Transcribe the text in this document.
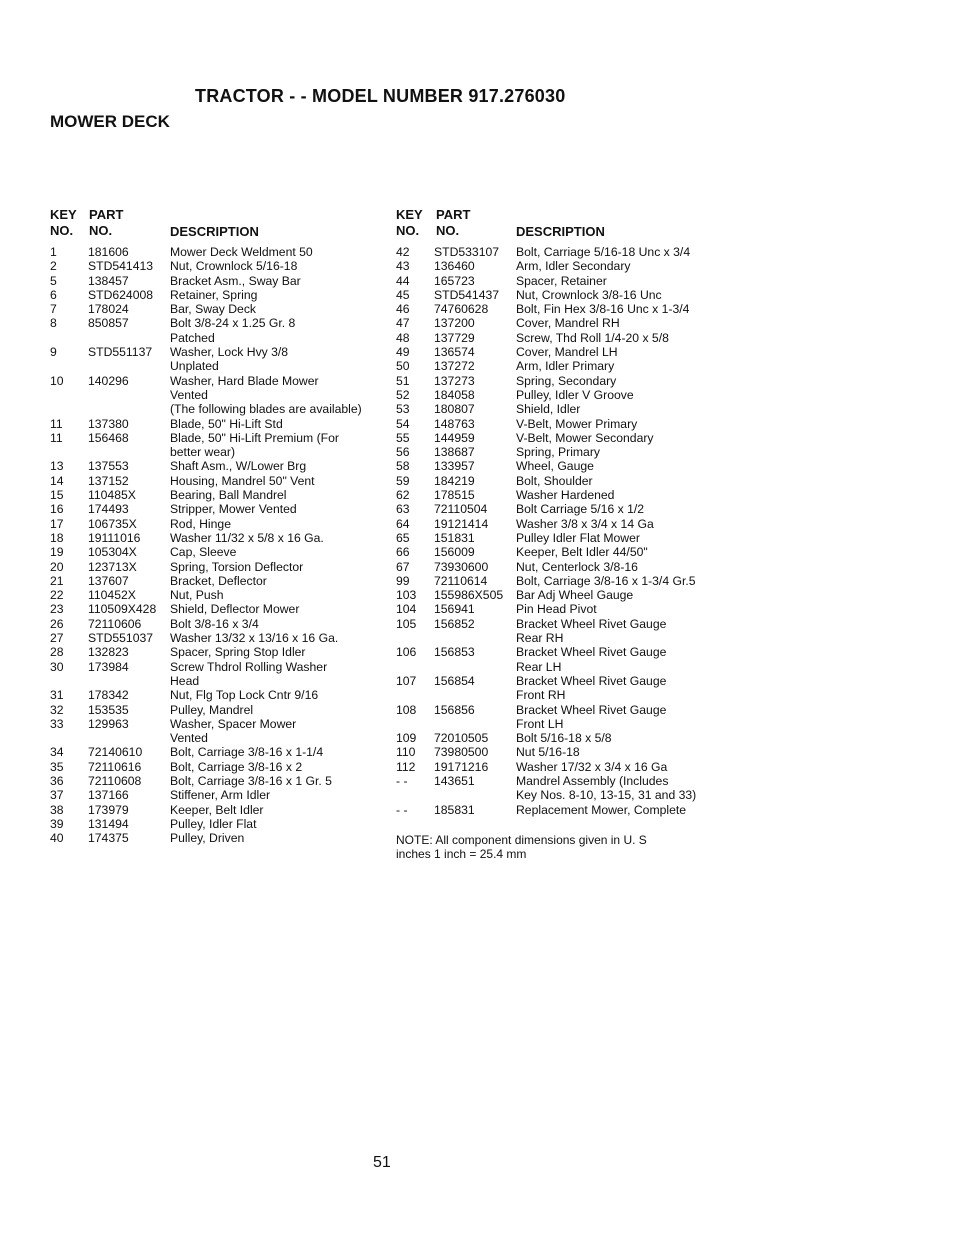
TRACTOR - - MODEL NUMBER 917.276030
MOWER DECK
KEY
NO.
PART
NO.	DESCRIPTION
1	181606	Mower Deck Weldment 50
2	STD541413 Nut, Crownlock 5/16-18
5	138457	Bracket Asm., Sway Bar
6	STD624008 Retainer, Spring
7	178024	Bar, Sway Deck
8	850857	Bolt 3/8-24 x 1.25 Gr. 8
Patched
9	STD551137 Washer, Lock Hvy 3/8
Unplated
10 140296	Washer, Hard Blade Mower
Vented
(The following blades are available)
11 137380	Blade, 50" Hi-Lift Std
11 156468	Blade, 50" Hi-Lift Premium (For
better wear)
13 137553	Shaft Asm., W/Lower Brg
14 137152	Housing, Mandrel 50" Vent
15 110485X	Bearing, Ball Mandrel
16 174493	Stripper, Mower Vented
17 106735X	Rod, Hinge
18 19111016 Washer 11/32 x 5/8 x 16 Ga.
19 105304X	Cap, Sleeve
20 123713X	Spring, Torsion Deflector
21 137607	Bracket, Deflector
22 110452X	Nut, Push
23 110509X428 Shield, Deflector Mower
26 72110606 Bolt 3/8-16 x 3/4
27 STD551037 Washer 13/32 x 13/16 x 16 Ga.
28 132823	Spacer, Spring Stop Idler
30 173984	Screw Thdrol Rolling Washer
Head
31 178342	Nut, Flg Top Lock Cntr 9/16
32 153535	Pulley, Mandrel
33 129963	Washer, Spacer Mower
Vented
34 72140610 Bolt, Carriage 3/8-16 x 1-1/4
35 72110616 Bolt, Carriage 3/8-16 x 2
36 72110608 Bolt, Carriage 3/8-16 x 1 Gr. 5
37 137166	Stiffener, Arm Idler
38 173979	Keeper, Belt Idler
39 131494	Pulley, Idler Flat
40 174375	Pulley, Driven
KEY
NO.
PART
NO.	DESCRIPTION
42 STD533107 Bolt, Carriage 5/16-18 Unc x 3/4
43 136460	Arm, Idler Secondary
44 165723	Spacer, Retainer
45 STD541437 Nut, Crownlock 3/8-16 Unc
46 74760628 Bolt, Fin Hex 3/8-16 Unc x 1-3/4
47 137200	Cover, Mandrel RH
48 137729	Screw, Thd Roll 1/4-20 x 5/8
49 136574	Cover, Mandrel LH
50 137272	Arm, Idler Primary
51 137273	Spring, Secondary
52 184058	Pulley, Idler V Groove
53 180807	Shield, Idler
54 148763	V-Belt, Mower Primary
55 144959	V-Belt, Mower Secondary
56 138687	Spring, Primary
58 133957	Wheel, Gauge
59 184219	Bolt, Shoulder
62 178515	Washer Hardened
63 72110504 Bolt Carriage 5/16 x 1/2
64 19121414 Washer 3/8 x 3/4 x 14 Ga
65 151831	Pulley Idler Flat Mower
66 156009	Keeper, Belt Idler 44/50"
67 73930600 Nut, Centerlock 3/8-16
99 72110614 Bolt, Carriage 3/8-16 x 1-3/4 Gr.5
103 155986X505 Bar Adj Wheel Gauge
104 156941	Pin Head Pivot
105 156852	Bracket Wheel Rivet Gauge
Rear RH
106 156853	Bracket Wheel Rivet Gauge
Rear LH
107 156854	Bracket Wheel Rivet Gauge
Front RH
108 156856	Bracket Wheel Rivet Gauge
Front LH
109 72010505 Bolt 5/16-18 x 5/8
110 73980500 Nut 5/16-18
112 19171216 Washer 17/32 x 3/4 x 16 Ga
- - 143651	Mandrel Assembly (Includes
Key Nos. 8-10, 13-15, 31 and 33)
- - 185831	Replacement Mower, Complete
NOTE: All component dimensions given in U. S
inches 1 inch = 25.4 mm
51
